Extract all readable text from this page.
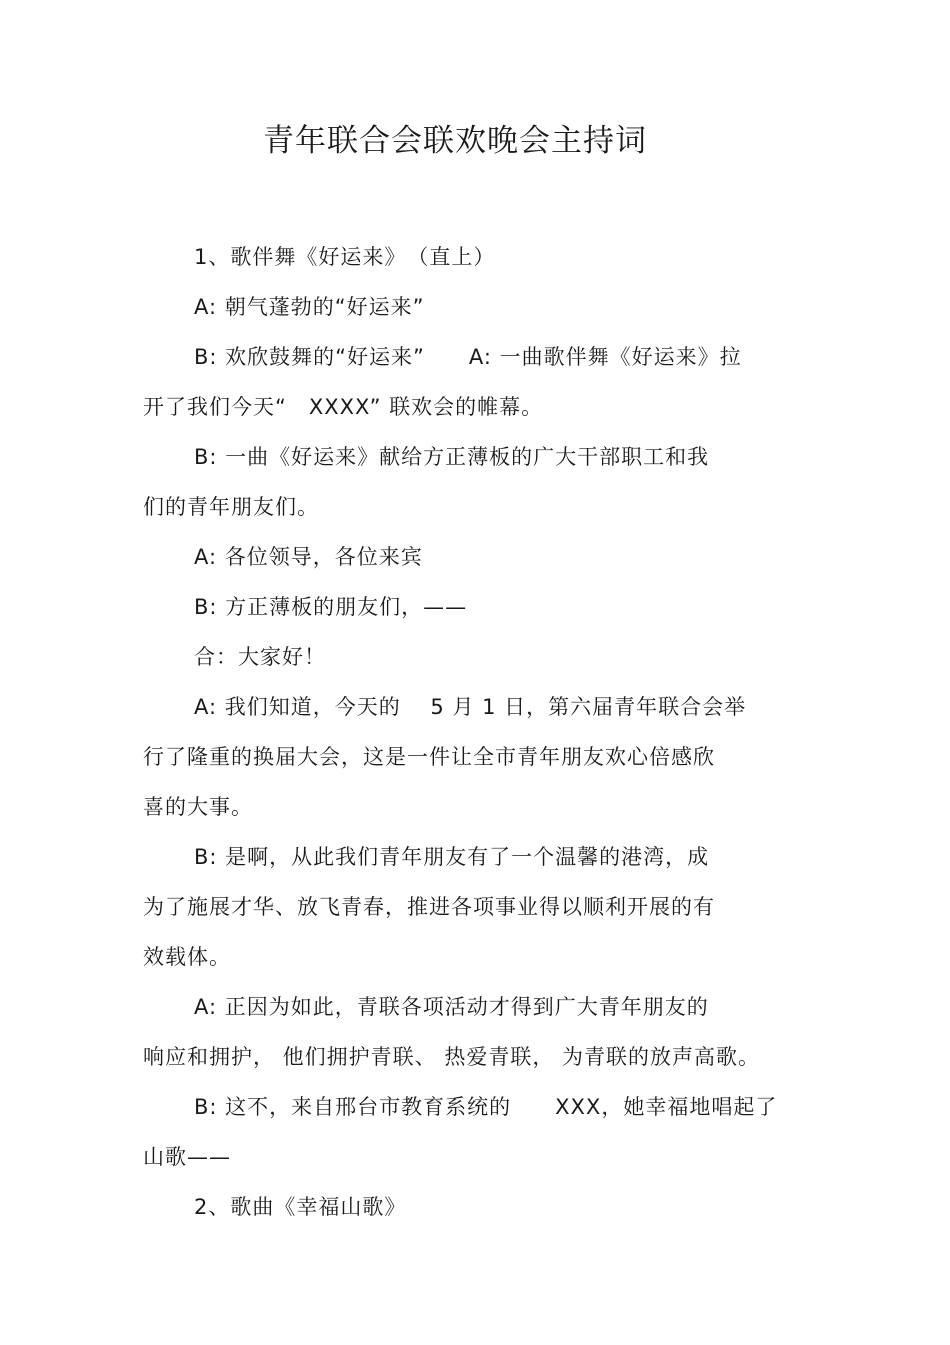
青年联合会联欢晚会主持词
1、歌伴舞《好运来》　（直上）
A: 朝气蓬勃的“好运来”
B: 欢欣鼓舞的“好运来”　　A: 一曲歌伴舞《好运来》拉
开了我们今天“　XXXX” 联欢会的帷幕。
B: 一曲《好运来》献给方正薄板的广大干部职工和我
们的青年朋友们。
A: 各位领导，各位来宾
B: 方正薄板的朋友们，——
合：大家好！
A: 我们知道，今天的　 5 月 1 日，第六届青年联合会举
行了隆重的换届大会，这是一件让全市青年朋友欢心倍感欣
喜的大事。
B: 是啊，从此我们青年朋友有了一个温馨的港湾，成
为了施展才华、放飞青春，推进各项事业得以顺利开展的有
效载体。
A: 正因为如此，青联各项活动才得到广大青年朋友的
响应和拥护， 他们拥护青联、 热爱青联， 为青联的放声高歌。
B: 这不，来自邢台市教育系统的　　XXX，她幸福地唱起了
山歌——
2、歌曲《幸福山歌》
